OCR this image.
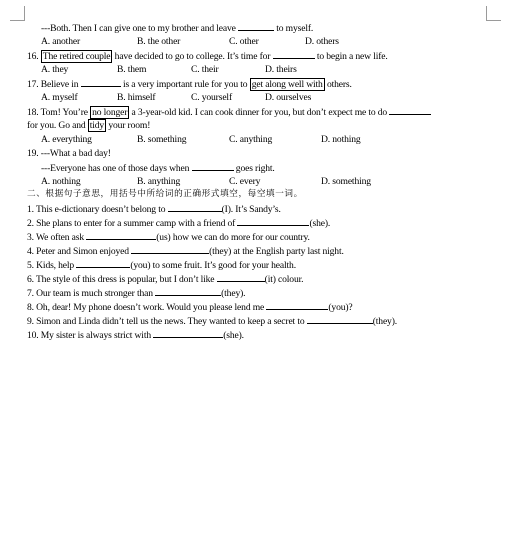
---Both. Then I can give one to my brother and leave	to myself.
A. another	B. the other	C. other	D. others
16. The retired couple have decided to go to college. It’s time for	to begin a new life.
A. they	B. them	C. their	D. theirs
17. Believe in	is a very important rule for you to get along well with others.
A. myself	B. himself	C. yourself	D. ourselves
18. Tom! You’re no longer a 3-year-old kid. I can cook dinner for you, but don’t expect me to do
for you. Go and tidy your room!
A. everything	B. something	C. anything	D. nothing
19. ---What a bad day!
---Everyone has one of those days when	goes right.
A. nothing	B. anything	C. every	D. something
二、根据句子意思，用括号中所给词的正确形式填空，每空填一词。
1. This e-dictionary doesn’t belong to	(I). It’s Sandy’s.
2. She plans to enter for a summer camp with a friend of	(she).
3. We often ask	(us) how we can do more for our country.
4. Peter and Simon enjoyed	(they) at the English party last night.
5. Kids, help	(you) to some fruit. It’s good for your health.
6. The style of this dress is popular, but I don’t like	(it) colour.
7. Our team is much stronger than	(they).
8. Oh, dear! My phone doesn’t work. Would you please lend me	(you)?
9. Simon and Linda didn’t tell us the news. They wanted to keep a secret to	(they).
10. My sister is always strict with	(she).
